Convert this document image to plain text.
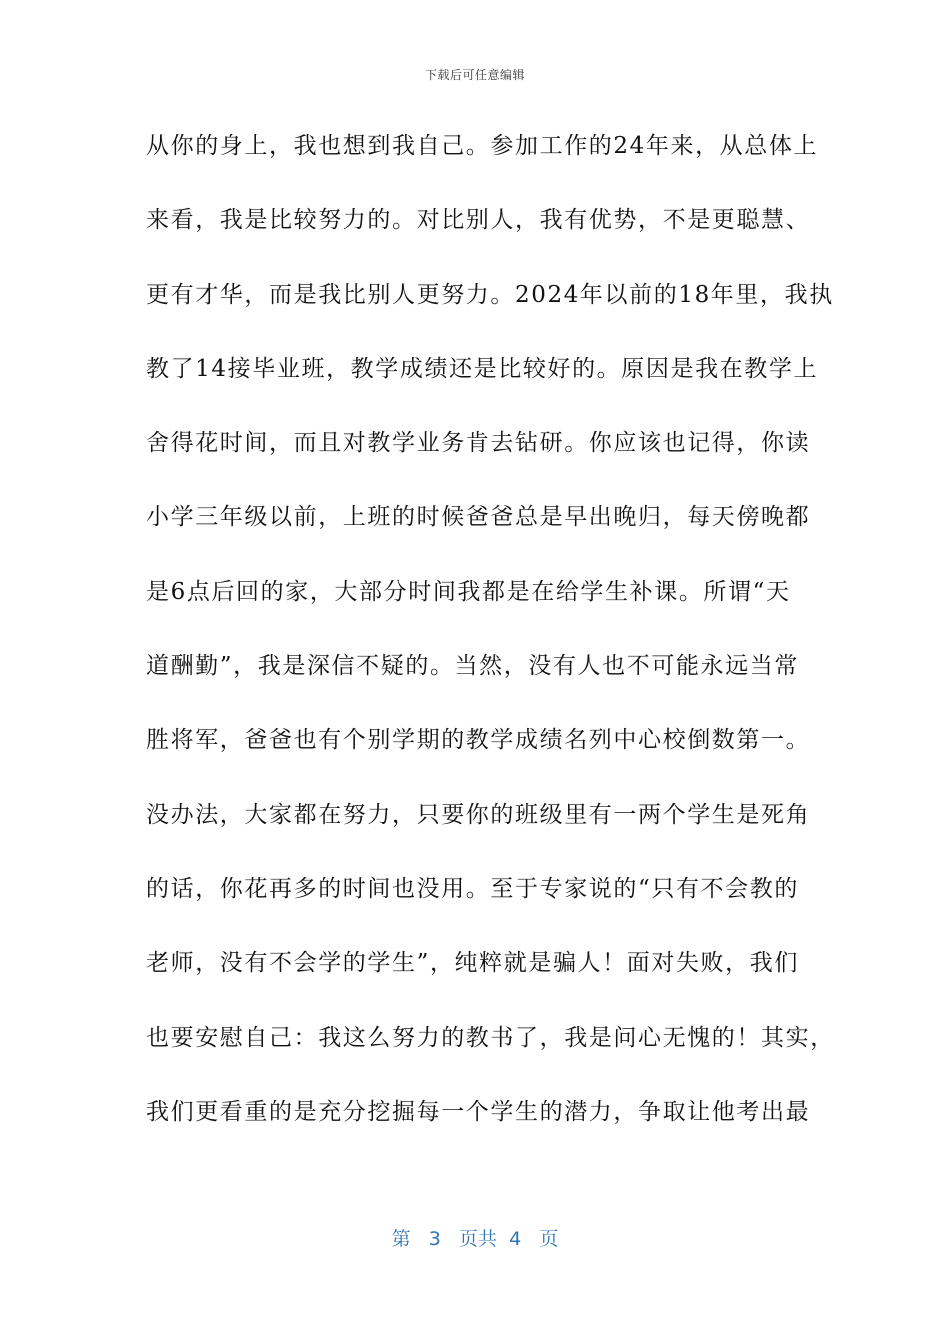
下载后可任意编辑
从你的身上，我也想到我自己。参加工作的24年来，从总体上
来看，我是比较努力的。对比别人，我有优势，不是更聪慧、
更有才华，而是我比别人更努力。2024年以前的18年里，我执
教了14接毕业班，教学成绩还是比较好的。原因是我在教学上
舍得花时间，而且对教学业务肯去钻研。你应该也记得，你读
小学三年级以前，上班的时候爸爸总是早出晚归，每天傍晚都
是6点后回的家，大部分时间我都是在给学生补课。所谓“天
道酬勤”，我是深信不疑的。当然，没有人也不可能永远当常
胜将军，爸爸也有个别学期的教学成绩名列中心校倒数第一。
没办法，大家都在努力，只要你的班级里有一两个学生是死角
的话，你花再多的时间也没用。至于专家说的“只有不会教的
老师，没有不会学的学生”，纯粹就是骗人！面对失败，我们
也要安慰自己：我这么努力的教书了，我是问心无愧的！其实，
我们更看重的是充分挖掘每一个学生的潜力，争取让他考出最
第 3 页共 4 页
